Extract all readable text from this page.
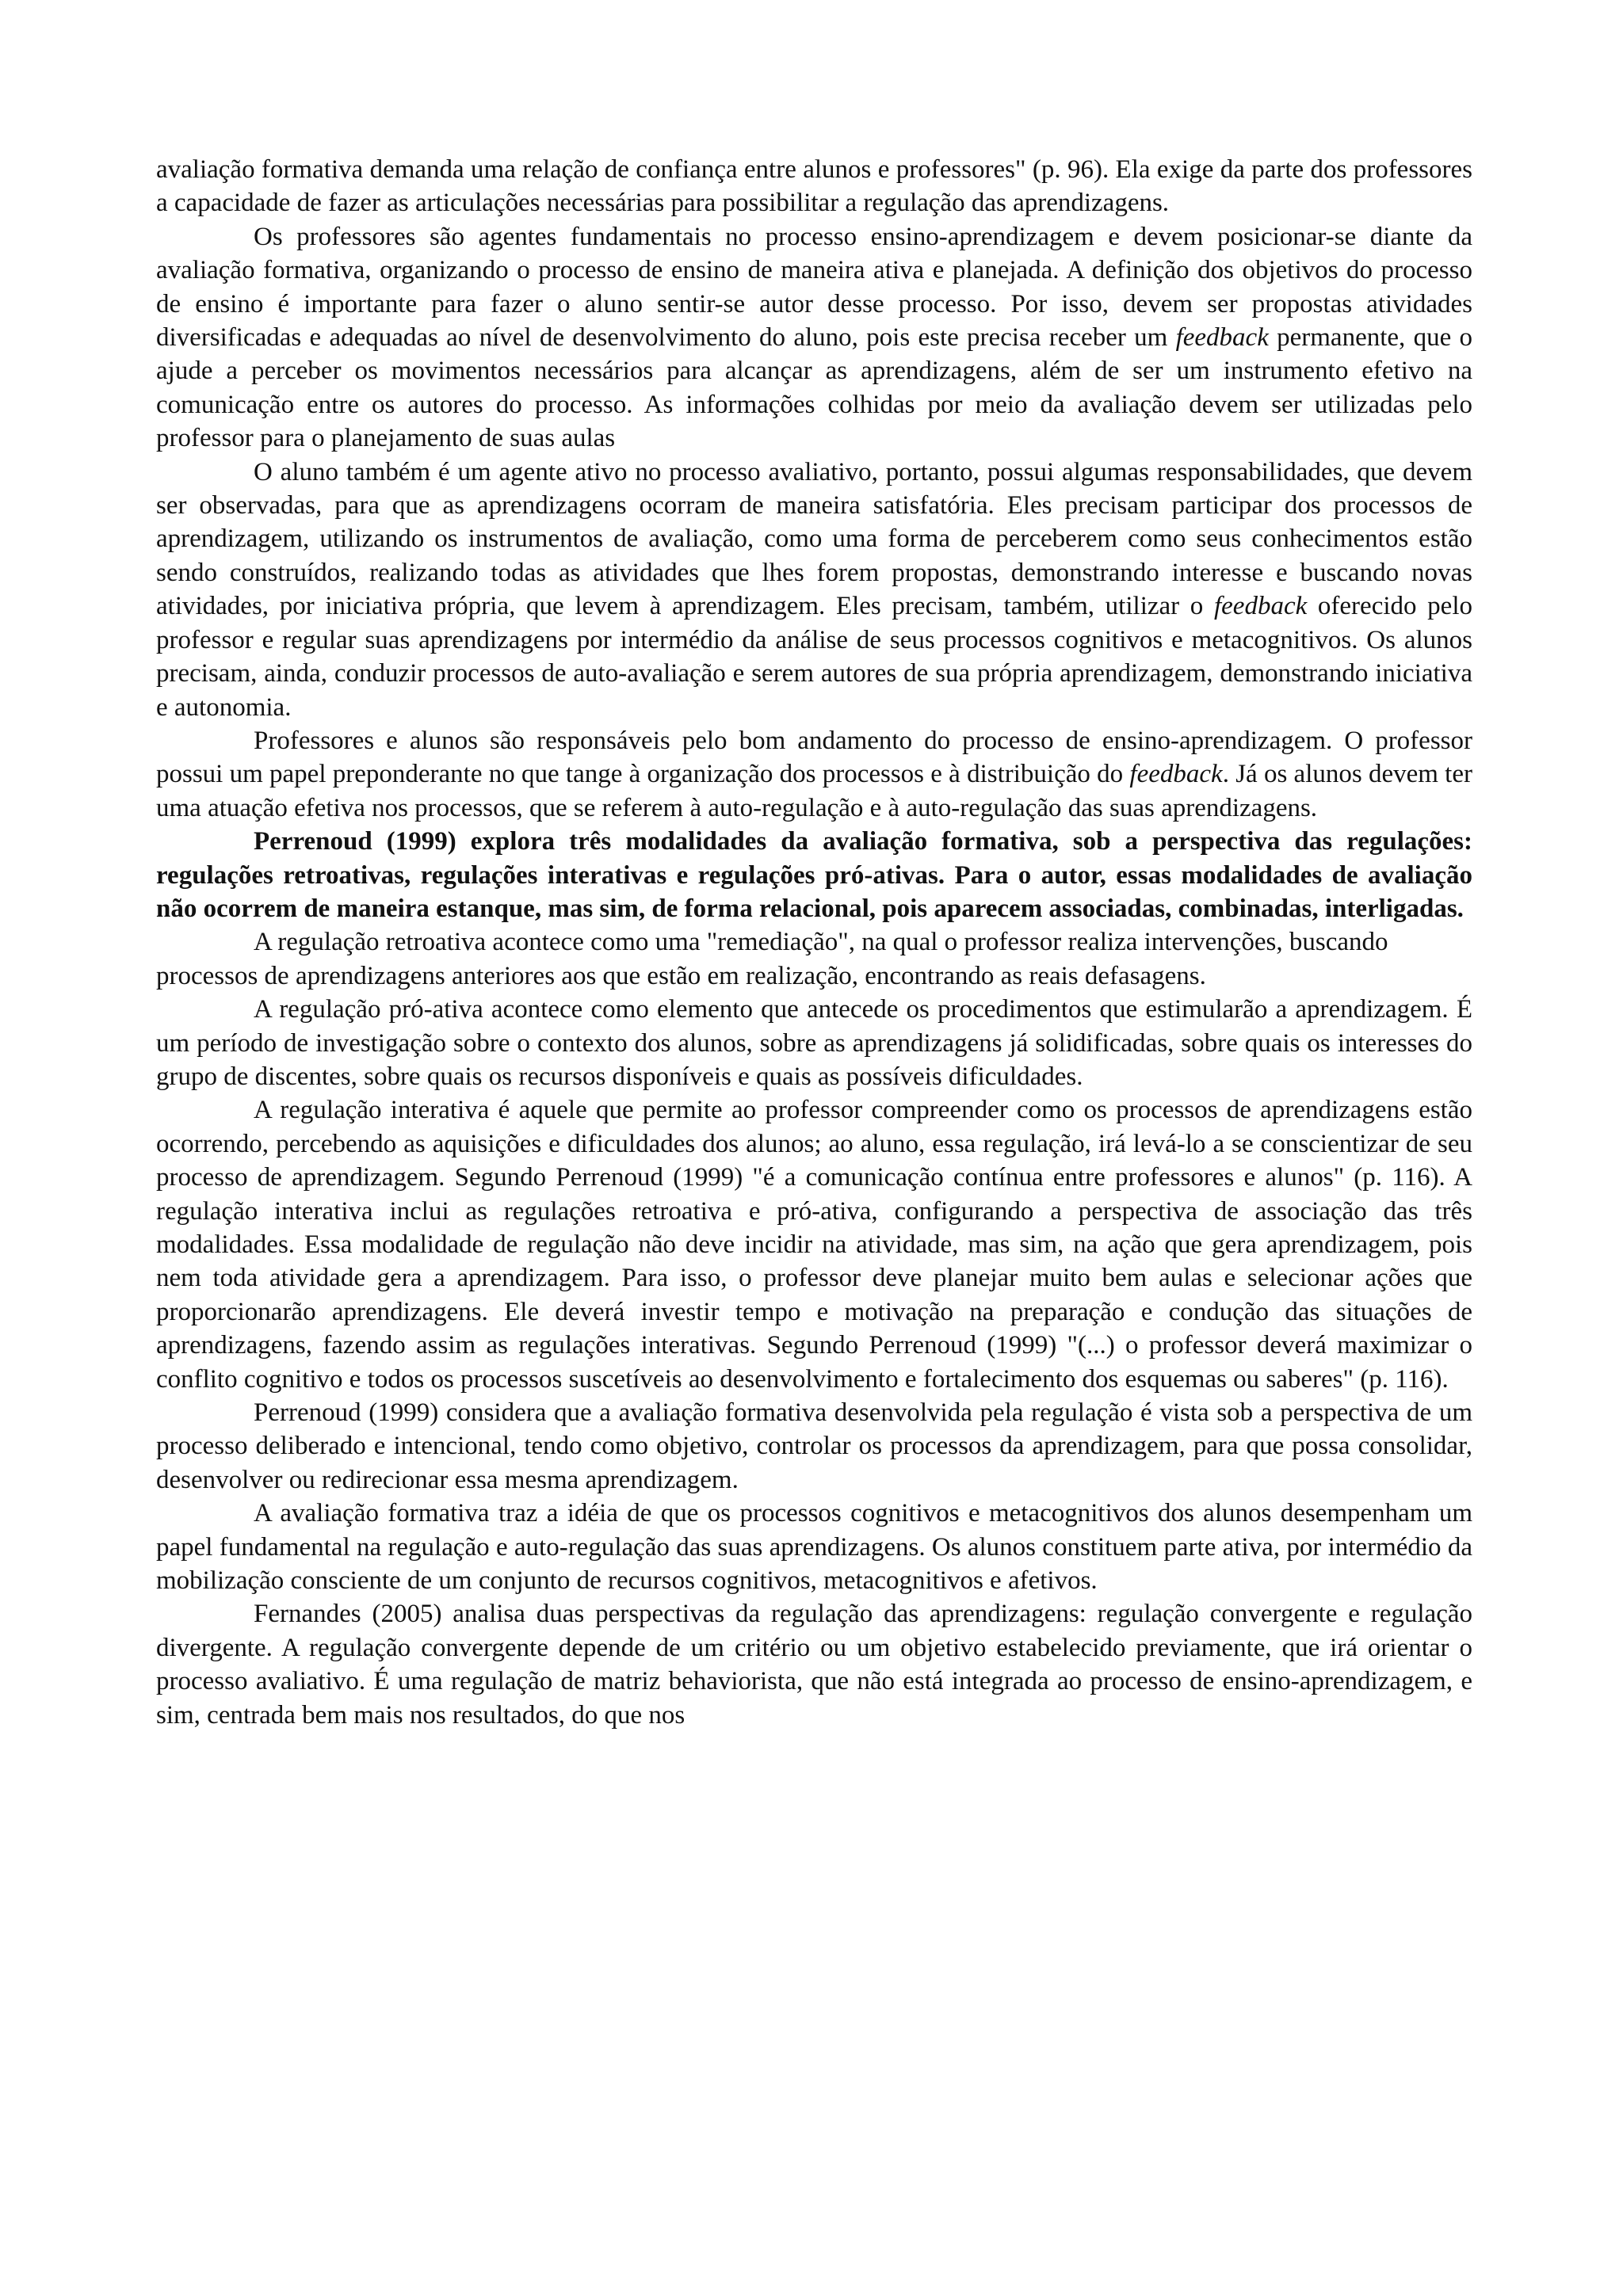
avaliação formativa demanda uma relação de confiança entre alunos e professores" (p. 96). Ela exige da parte dos professores a capacidade de fazer as articulações necessárias para possibilitar a regulação das aprendizagens.

Os professores são agentes fundamentais no processo ensino-aprendizagem e devem posicionar-se diante da avaliação formativa, organizando o processo de ensino de maneira ativa e planejada. A definição dos objetivos do processo de ensino é importante para fazer o aluno sentir-se autor desse processo. Por isso, devem ser propostas atividades diversificadas e adequadas ao nível de desenvolvimento do aluno, pois este precisa receber um feedback permanente, que o ajude a perceber os movimentos necessários para alcançar as aprendizagens, além de ser um instrumento efetivo na comunicação entre os autores do processo. As informações colhidas por meio da avaliação devem ser utilizadas pelo professor para o planejamento de suas aulas

O aluno também é um agente ativo no processo avaliativo, portanto, possui algumas responsabilidades, que devem ser observadas, para que as aprendizagens ocorram de maneira satisfatória. Eles precisam participar dos processos de aprendizagem, utilizando os instrumentos de avaliação, como uma forma de perceberem como seus conhecimentos estão sendo construídos, realizando todas as atividades que lhes forem propostas, demonstrando interesse e buscando novas atividades, por iniciativa própria, que levem à aprendizagem. Eles precisam, também, utilizar o feedback oferecido pelo professor e regular suas aprendizagens por intermédio da análise de seus processos cognitivos e metacognitivos. Os alunos precisam, ainda, conduzir processos de auto-avaliação e serem autores de sua própria aprendizagem, demonstrando iniciativa e autonomia.

Professores e alunos são responsáveis pelo bom andamento do processo de ensino-aprendizagem. O professor possui um papel preponderante no que tange à organização dos processos e à distribuição do feedback. Já os alunos devem ter uma atuação efetiva nos processos, que se referem à auto-regulação e à auto-regulação das suas aprendizagens.

Perrenoud (1999) explora três modalidades da avaliação formativa, sob a perspectiva das regulações: regulações retroativas, regulações interativas e regulações pró-ativas. Para o autor, essas modalidades de avaliação não ocorrem de maneira estanque, mas sim, de forma relacional, pois aparecem associadas, combinadas, interligadas.

A regulação retroativa acontece como uma "remediação", na qual o professor realiza intervenções, buscando processos de aprendizagens anteriores aos que estão em realização, encontrando as reais defasagens.

A regulação pró-ativa acontece como elemento que antecede os procedimentos que estimularão a aprendizagem. É um período de investigação sobre o contexto dos alunos, sobre as aprendizagens já solidificadas, sobre quais os interesses do grupo de discentes, sobre quais os recursos disponíveis e quais as possíveis dificuldades.

A regulação interativa é aquele que permite ao professor compreender como os processos de aprendizagens estão ocorrendo, percebendo as aquisições e dificuldades dos alunos; ao aluno, essa regulação, irá levá-lo a se conscientizar de seu processo de aprendizagem. Segundo Perrenoud (1999) "é a comunicação contínua entre professores e alunos" (p. 116). A regulação interativa inclui as regulações retroativa e pró-ativa, configurando a perspectiva de associação das três modalidades. Essa modalidade de regulação não deve incidir na atividade, mas sim, na ação que gera aprendizagem, pois nem toda atividade gera a aprendizagem. Para isso, o professor deve planejar muito bem aulas e selecionar ações que proporcionarão aprendizagens. Ele deverá investir tempo e motivação na preparação e condução das situações de aprendizagens, fazendo assim as regulações interativas. Segundo Perrenoud (1999) "(...) o professor deverá maximizar o conflito cognitivo e todos os processos suscetíveis ao desenvolvimento e fortalecimento dos esquemas ou saberes" (p. 116).

Perrenoud (1999) considera que a avaliação formativa desenvolvida pela regulação é vista sob a perspectiva de um processo deliberado e intencional, tendo como objetivo, controlar os processos da aprendizagem, para que possa consolidar, desenvolver ou redirecionar essa mesma aprendizagem.

A avaliação formativa traz a idéia de que os processos cognitivos e metacognitivos dos alunos desempenham um papel fundamental na regulação e auto-regulação das suas aprendizagens. Os alunos constituem parte ativa, por intermédio da mobilização consciente de um conjunto de recursos cognitivos, metacognitivos e afetivos.

Fernandes (2005) analisa duas perspectivas da regulação das aprendizagens: regulação convergente e regulação divergente. A regulação convergente depende de um critério ou um objetivo estabelecido previamente, que irá orientar o processo avaliativo. É uma regulação de matriz behaviorista, que não está integrada ao processo de ensino-aprendizagem, e sim, centrada bem mais nos resultados, do que nos
